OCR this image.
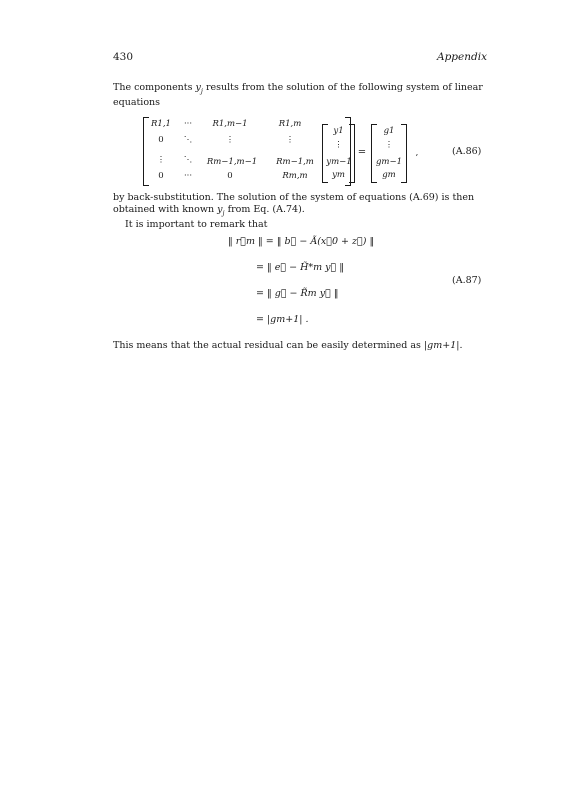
430	Appendix
The components $y_j$ results from the solution of the following system of linear
equations
R1,1	···	R1,m−1	R1,m
0	⋱	⋮	⋮
⋮	⋱	Rm−1,m−1	Rm−1,m
0	···	0	Rm,m
y1
⋮
ym−1
ym
=
g1
⋮
gm−1
gm
,	(A.86)
by back-substitution. The solution of the system of equations (A.69) is then
obtained with known $y_j$ from Eq. (A.74).
It is important to remark that
‖ r⃗m ‖ = ‖ b⃗ − Ã(x⃗0 + z⃗) ‖
= ‖ e⃗ − H̃*m y⃗ ‖
= ‖ g⃗ − R̃m y⃗ ‖
= |gm+1| .
(A.87)
This means that the actual residual can be easily determined as |gm+1|.
